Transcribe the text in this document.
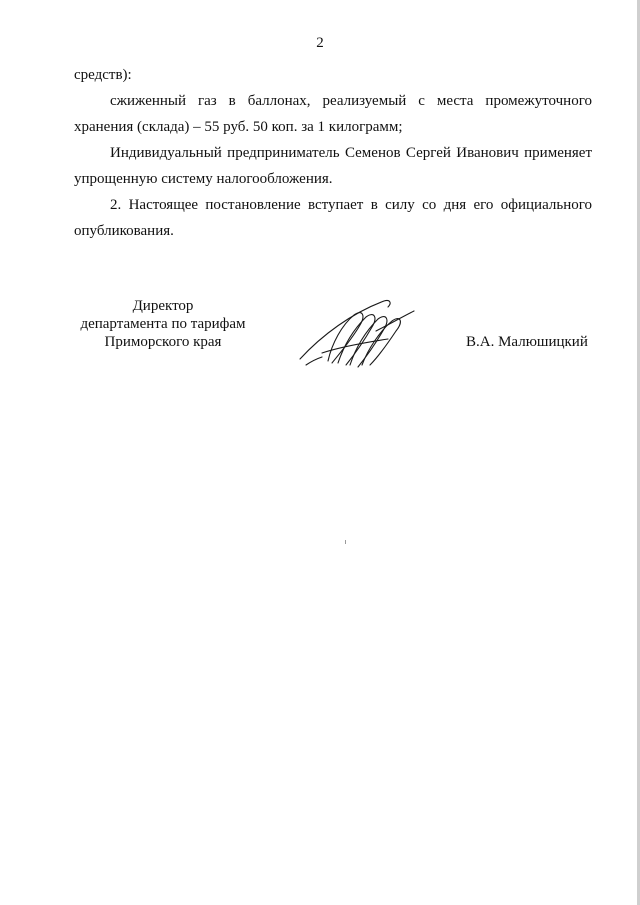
2

средств):

сжиженный газ в баллонах, реализуемый с места промежуточного хранения (склада) – 55 руб. 50 коп. за 1 килограмм;

Индивидуальный предприниматель Семенов Сергей Иванович применяет упрощенную систему налогообложения.

2. Настоящее постановление вступает в силу со дня его официального опубликования.

Директор
департамента по тарифам
Приморского края	В.А. Малюшицкий
